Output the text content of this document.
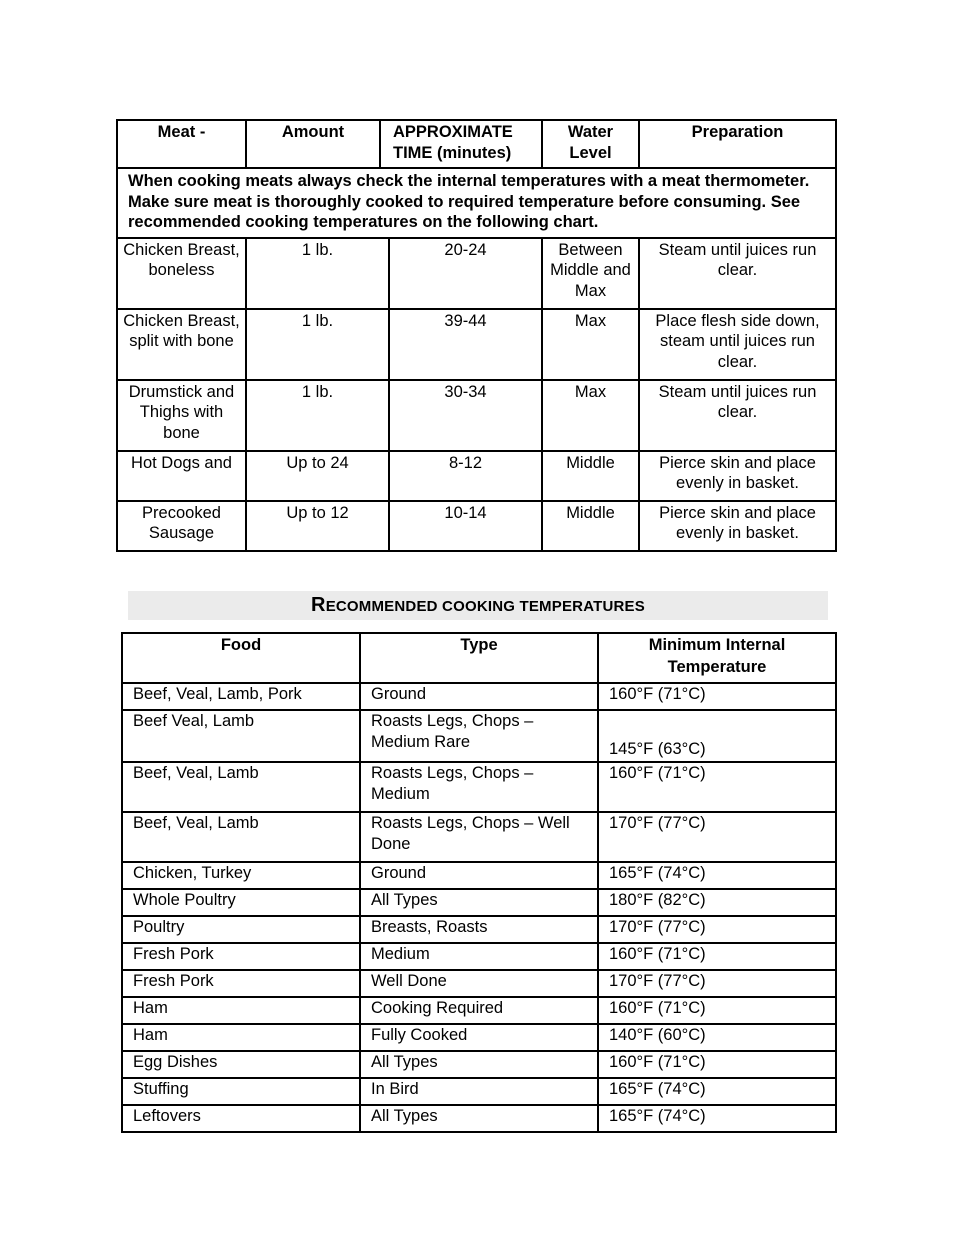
Meat -	Amount	APPROXIMATE TIME (minutes)		Water Level	Preparation
When cooking meats always check the internal temperatures with a meat thermometer. Make sure meat is thoroughly cooked to required temperature before consuming. See recommended cooking temperatures on the following chart.					
Chicken Breast, boneless	1 lb.		20-24	Between Middle and Max	Steam until juices run clear.
Chicken Breast, split with bone	1 lb.		39-44	Max	Place flesh side down, steam until juices run clear.
Drumstick and Thighs with bone	1 lb.		30-34	Max	Steam until juices run clear.
Hot Dogs and	Up to 24		8-12	Middle	Pierce skin and place evenly in basket.
Precooked Sausage	Up to 12		10-14	Middle	Pierce skin and place evenly in basket.
RECOMMENDED COOKING TEMPERATURES
Food	Type	Minimum Internal Temperature
Beef, Veal, Lamb, Pork	Ground	160°F (71°C)
Beef Veal, Lamb	Roasts Legs, Chops – Medium Rare	145°F (63°C)
Beef, Veal, Lamb	Roasts Legs, Chops – Medium	160°F (71°C)
Beef, Veal, Lamb	Roasts Legs, Chops – Well Done	170°F (77°C)
Chicken, Turkey	Ground	165°F (74°C)
Whole Poultry	All Types	180°F (82°C)
Poultry	Breasts, Roasts	170°F (77°C)
Fresh Pork	Medium	160°F (71°C)
Fresh Pork	Well Done	170°F (77°C)
Ham	Cooking Required	160°F (71°C)
Ham	Fully Cooked	140°F (60°C)
Egg Dishes	All Types	160°F (71°C)
Stuffing	In Bird	165°F (74°C)
Leftovers	All Types	165°F (74°C)
